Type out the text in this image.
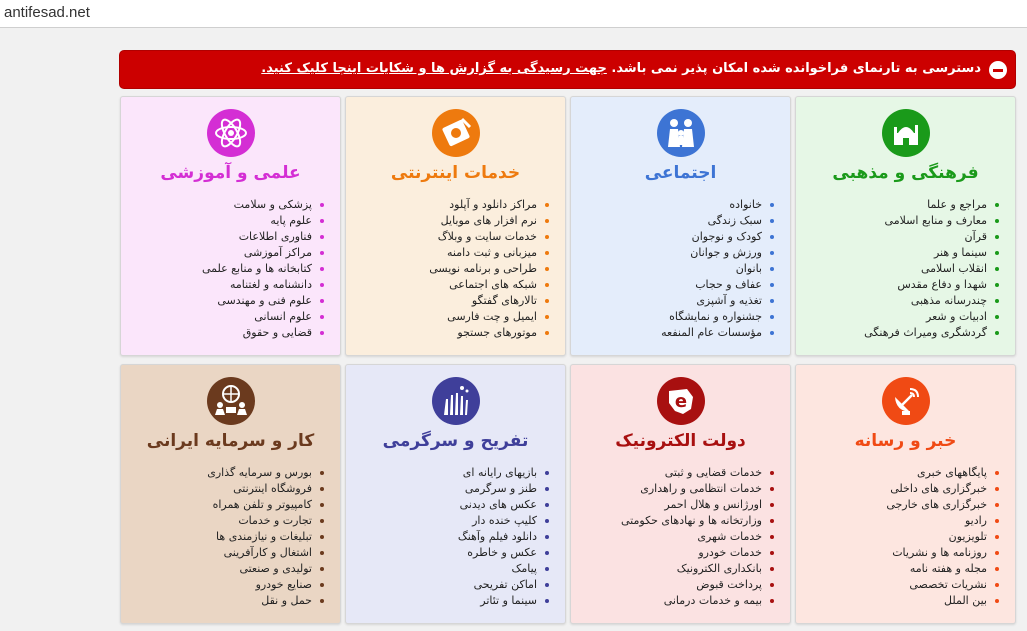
antifesad.net
دسترسی به تارنمای فراخوانده شده امکان پذیر نمی باشد. جهت رسیدگی به گزارش ها و شکایات اینجا کلیک کنید.
فرهنگی و مذهبی
مراجع و علما
معارف و منابع اسلامی
قرآن
سینما و هنر
انقلاب اسلامی
شهدا و دفاع مقدس
چندرسانه مذهبی
ادبیات و شعر
گردشگری ومیراث فرهنگی
اجتماعی
خانواده
سبک زندگی
کودک و نوجوان
ورزش و جوانان
بانوان
عفاف و حجاب
تغذیه و آشپزی
جشنواره و نمایشگاه
مؤسسات عام المنفعه
خدمات اینترنتی
مراکز دانلود و آپلود
نرم افزار های موبایل
خدمات سایت و وبلاگ
میزبانی و ثبت دامنه
طراحی و برنامه نویسی
شبکه های اجتماعی
تالارهای گفتگو
ایمیل و چت فارسی
موتورهای جستجو
علمی و آموزشی
پزشکی و سلامت
علوم پایه
فناوری اطلاعات
مراکز آموزشی
کتابخانه ها و منابع علمی
دانشنامه و لغتنامه
علوم فنی و مهندسی
علوم انسانی
قضایی و حقوق
خبر و رسانه
پایگاههای خبری
خبرگزاری های داخلی
خبرگزاری های خارجی
رادیو
تلویزیون
روزنامه ها و نشریات
مجله و هفته نامه
نشریات تخصصی
بین الملل
e
دولت الکترونیک
خدمات قضایی و ثبتی
خدمات انتظامی و راهداری
اورژانس و هلال احمر
وزارتخانه ها و نهادهای حکومتی
خدمات شهری
خدمات خودرو
بانکداری الکترونیک
پرداخت قبوض
بیمه و خدمات درمانی
تفریح و سرگرمی
بازیهای رایانه ای
طنز و سرگرمی
عکس های دیدنی
کلیپ خنده دار
دانلود فیلم وآهنگ
عکس و خاطره
پیامک
اماکن تفریحی
سینما و تئاتر
کار و سرمایه ایرانی
بورس و سرمایه گذاری
فروشگاه اینترنتی
کامپیوتر و تلفن همراه
تجارت و خدمات
تبلیغات و نیازمندی ها
اشتغال و کارآفرینی
تولیدی و صنعتی
صنایع خودرو
حمل و نقل
